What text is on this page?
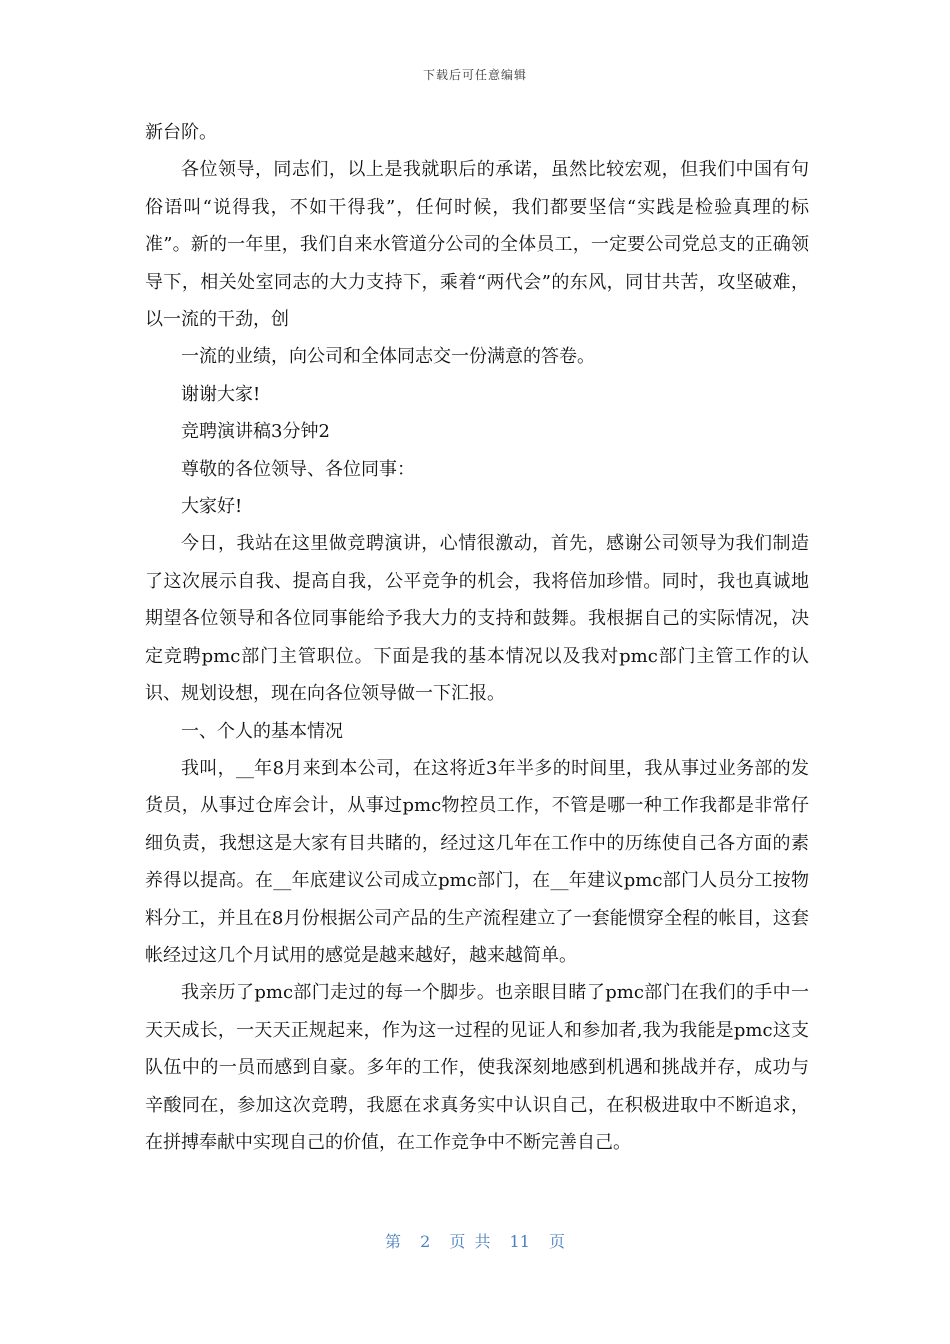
下载后可任意编辑

新台阶。

各位领导，同志们，以上是我就职后的承诺，虽然比较宏观，但我们中国有句俗语叫“说得我，不如干得我”，任何时候，我们都要坚信“实践是检验真理的标准”。新的一年里，我们自来水管道分公司的全体员工，一定要公司党总支的正确领导下，相关处室同志的大力支持下，乘着“两代会”的东风，同甘共苦，攻坚破难，以一流的干劲，创

一流的业绩，向公司和全体同志交一份满意的答卷。

谢谢大家!

竞聘演讲稿3分钟2

尊敬的各位领导、各位同事：

大家好!

今日，我站在这里做竞聘演讲，心情很激动，首先，感谢公司领导为我们制造了这次展示自我、提高自我，公平竞争的机会，我将倍加珍惜。同时，我也真诚地期望各位领导和各位同事能给予我大力的支持和鼓舞。我根据自己的实际情况，决定竞聘pmc部门主管职位。下面是我的基本情况以及我对pmc部门主管工作的认识、规划设想，现在向各位领导做一下汇报。

一、个人的基本情况

我叫，__年8月来到本公司，在这将近3年半多的时间里，我从事过业务部的发货员，从事过仓库会计，从事过pmc物控员工作，不管是哪一种工作我都是非常仔细负责，我想这是大家有目共睹的，经过这几年在工作中的历练使自己各方面的素养得以提高。在__年底建议公司成立pmc部门，在__年建议pmc部门人员分工按物料分工，并且在8月份根据公司产品的生产流程建立了一套能惯穿全程的帐目，这套帐经过这几个月试用的感觉是越来越好，越来越简单。

我亲历了pmc部门走过的每一个脚步。也亲眼目睹了pmc部门在我们的手中一天天成长，一天天正规起来，作为这一过程的见证人和参加者,我为我能是pmc这支队伍中的一员而感到自豪。多年的工作，使我深刻地感到机遇和挑战并存，成功与辛酸同在，参加这次竞聘，我愿在求真务实中认识自己，在积极进取中不断追求，在拼搏奉献中实现自己的价值，在工作竞争中不断完善自己。

第 2 页 共 11 页
